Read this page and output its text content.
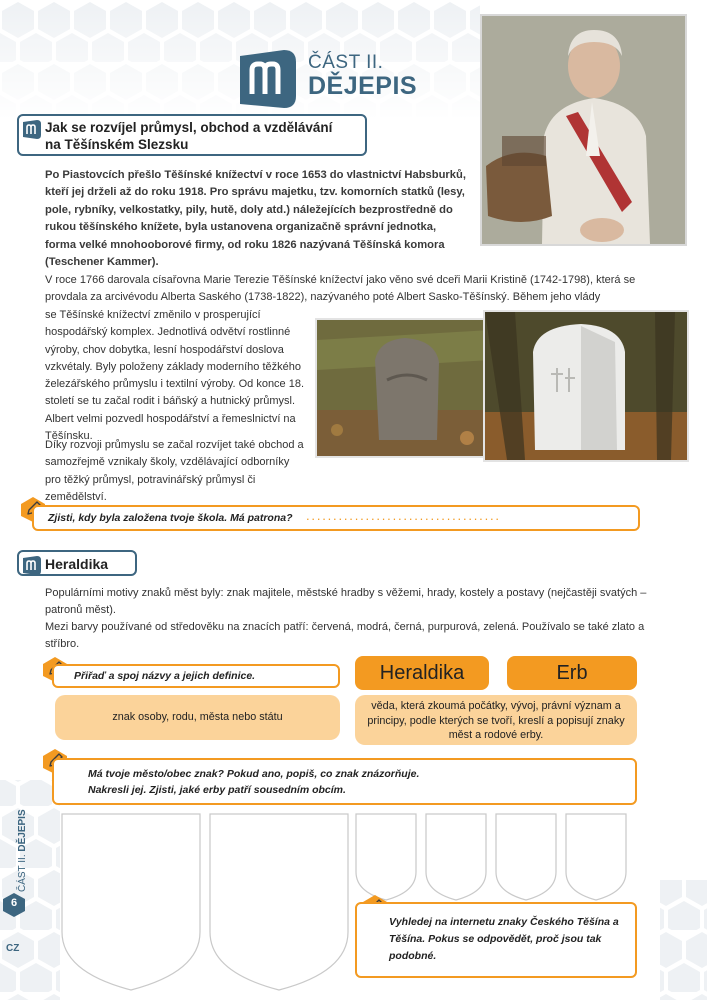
ČÁST II.
DĚJEPIS
Jak se rozvíjel průmysl, obchod a vzdělávání
na Těšínském Slezsku
Po Piastovcích přešlo Těšínské knížectví v roce 1653 do vlastnictví Habsburků, kteří jej drželi až do roku 1918. Pro správu majetku, tzv. komorních statků (lesy, pole, rybníky, velkostatky, pily, hutě, doly atd.) náležejících bezprostředně do rukou těšínského knížete, byla ustanovena organizačně správní jednotka, forma velké mnohooborové firmy, od roku 1826 nazývaná Těšínská komora (Teschener Kammer).
V roce 1766 darovala císařovna Marie Terezie Těšínské knížectví jako věno své dceři Marii Kristině (1742-1798), která se provdala za arcivévodu Alberta Saského (1738-1822), nazývaného poté Albert Sasko-Těšínský. Během jeho vlády
se Těšínské knížectví změnilo v prosperující hospodářský komplex. Jednotlivá odvětví rostlinné výroby, chov dobytka, lesní hospodářství doslova vzkvétaly. Byly položeny základy moderního těžkého železářského průmyslu i textilní výroby. Od konce 18. století se tu začal rodit i báňský a hutnický průmysl. Albert velmi pozvedl hospodářství a řemeslnictví na Těšínsku.
Díky rozvoji průmyslu se začal rozvíjet také obchod a samozřejmě vznikaly školy, vzdělávající odborníky pro těžký průmysl, potravinářský průmysl či zemědělství.
Zjisti, kdy byla založena tvoje škola. Má patrona? ....................................
Heraldika
Populárními motivy znaků měst byly: znak majitele, městské hradby s věžemi, hrady, kostely a postavy (nejčastěji svatých – patronů měst).
Mezi barvy používané od středověku na znacích patří: červená, modrá, černá, purpurová, zelená. Používalo se také zlato a stříbro.
Přiřaď a spoj názvy a jejich definice.	Heraldika	Erb
znak osoby, rodu, města nebo státu
věda, která zkoumá počátky, vývoj, právní význam a principy, podle kterých se tvoří, kreslí a popisují znaky měst a rodové erby.
Má tvoje město/obec znak? Pokud ano, popiš, co znak znázorňuje.
Nakresli jej. Zjisti, jaké erby patří sousedním obcím.
Vyhledej na internetu znaky Českého Těšína a Těšína. Pokus se odpovědět, proč jsou tak podobné.
ČÁST II. DĚJEPIS
6
CZ
